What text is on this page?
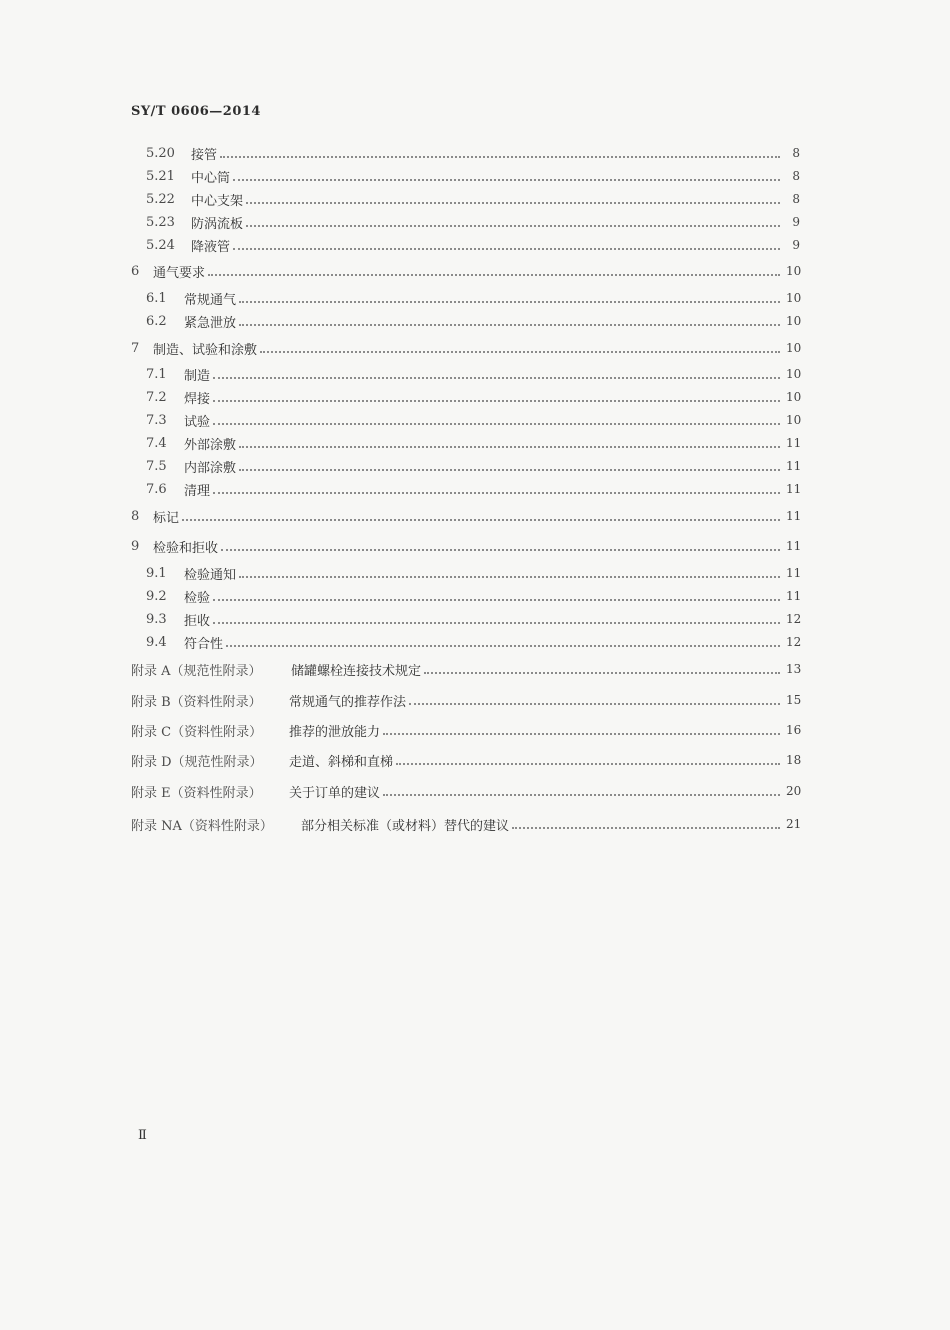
SY/T 0606—2014
5.20	接管	8
5.21	中心筒	8
5.22	中心支架	8
5.23	防涡流板	9
5.24	降液管	9
6	通气要求	10
6.1	常规通气	10
6.2	紧急泄放	10
7	制造、试验和涂敷	10
7.1	制造	10
7.2	焊接	10
7.3	试验	10
7.4	外部涂敷	11
7.5	内部涂敷	11
7.6	清理	11
8	标记	11
9	检验和拒收	11
9.1	检验通知	11
9.2	检验	11
9.3	拒收	12
9.4	符合性	12
附录 A（规范性附录）	储罐螺栓连接技术规定	13
附录 B（资料性附录）	常规通气的推荐作法	15
附录 C（资料性附录）	推荐的泄放能力	16
附录 D（规范性附录）	走道、斜梯和直梯	18
附录 E（资料性附录）	关于订单的建议	20
附录 NA（资料性附录）	部分相关标准（或材料）替代的建议	21
Ⅱ
